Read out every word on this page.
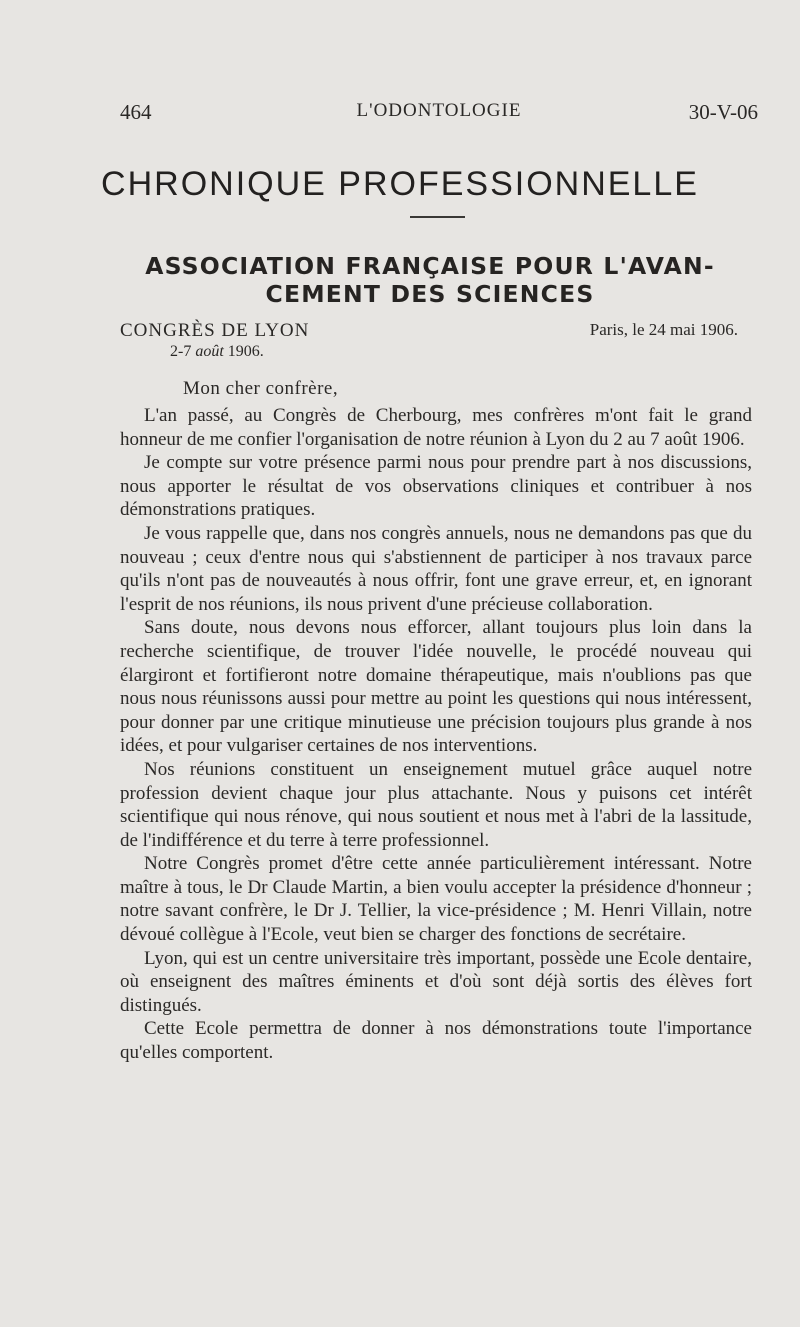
464	L'ODONTOLOGIE	30-V-06
CHRONIQUE PROFESSIONNELLE
ASSOCIATION FRANÇAISE POUR L'AVAN-
CEMENT DES SCIENCES
CONGRÈS DE LYON
2-7 août 1906.
Paris, le 24 mai 1906.
Mon cher confrère,

L'an passé, au Congrès de Cherbourg, mes confrères m'ont fait le grand honneur de me confier l'organisation de notre réunion à Lyon du 2 au 7 août 1906.

Je compte sur votre présence parmi nous pour prendre part à nos discussions, nous apporter le résultat de vos observations cliniques et contribuer à nos démonstrations pratiques.

Je vous rappelle que, dans nos congrès annuels, nous ne demandons pas que du nouveau ; ceux d'entre nous qui s'abstiennent de participer à nos travaux parce qu'ils n'ont pas de nouveautés à nous offrir, font une grave erreur, et, en ignorant l'esprit de nos réunions, ils nous privent d'une précieuse collaboration.

Sans doute, nous devons nous efforcer, allant toujours plus loin dans la recherche scientifique, de trouver l'idée nouvelle, le procédé nouveau qui élargiront et fortifieront notre domaine thérapeutique, mais n'oublions pas que nous nous réunissons aussi pour mettre au point les questions qui nous intéressent, pour donner par une critique minutieuse une précision toujours plus grande à nos idées, et pour vulgariser certaines de nos interventions.

Nos réunions constituent un enseignement mutuel grâce auquel notre profession devient chaque jour plus attachante. Nous y puisons cet intérêt scientifique qui nous rénove, qui nous soutient et nous met à l'abri de la lassitude, de l'indifférence et du terre à terre professionnel.

Notre Congrès promet d'être cette année particulièrement intéressant. Notre maître à tous, le Dr Claude Martin, a bien voulu accepter la présidence d'honneur ; notre savant confrère, le Dr J. Tellier, la vice-présidence ; M. Henri Villain, notre dévoué collègue à l'Ecole, veut bien se charger des fonctions de secrétaire.

Lyon, qui est un centre universitaire très important, possède une Ecole dentaire, où enseignent des maîtres éminents et d'où sont déjà sortis des élèves fort distingués.

Cette Ecole permettra de donner à nos démonstrations toute l'importance qu'elles comportent.
